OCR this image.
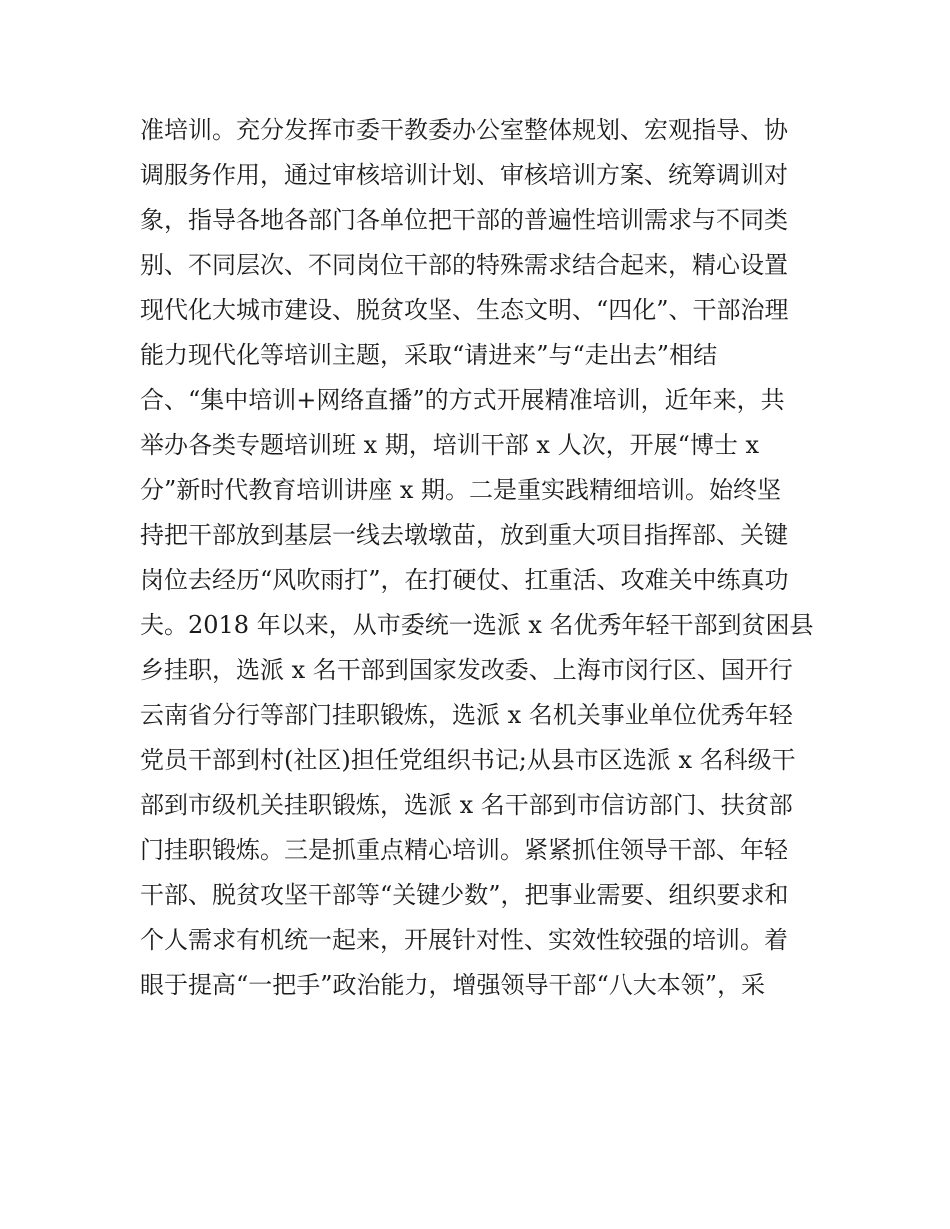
准培训。充分发挥市委干教委办公室整体规划、宏观指导、协
调服务作用，通过审核培训计划、审核培训方案、统筹调训对
象，指导各地各部门各单位把干部的普遍性培训需求与不同类
别、不同层次、不同岗位干部的特殊需求结合起来，精心设置
现代化大城市建设、脱贫攻坚、生态文明、“四化”、干部治理
能力现代化等培训主题，采取“请进来”与“走出去”相结
合、“集中培训+网络直播”的方式开展精准培训，近年来，共
举办各类专题培训班 x 期，培训干部 x 人次，开展“博士 x
分”新时代教育培训讲座 x 期。二是重实践精细培训。始终坚
持把干部放到基层一线去墩墩苗，放到重大项目指挥部、关键
岗位去经历“风吹雨打”，在打硬仗、扛重活、攻难关中练真功
夫。2018 年以来，从市委统一选派 x 名优秀年轻干部到贫困县
乡挂职，选派 x 名干部到国家发改委、上海市闵行区、国开行
云南省分行等部门挂职锻炼，选派 x 名机关事业单位优秀年轻
党员干部到村(社区)担任党组织书记;从县市区选派 x 名科级干
部到市级机关挂职锻炼，选派 x 名干部到市信访部门、扶贫部
门挂职锻炼。三是抓重点精心培训。紧紧抓住领导干部、年轻
干部、脱贫攻坚干部等“关键少数”，把事业需要、组织要求和
个人需求有机统一起来，开展针对性、实效性较强的培训。着
眼于提高“一把手”政治能力，增强领导干部“八大本领”，采
